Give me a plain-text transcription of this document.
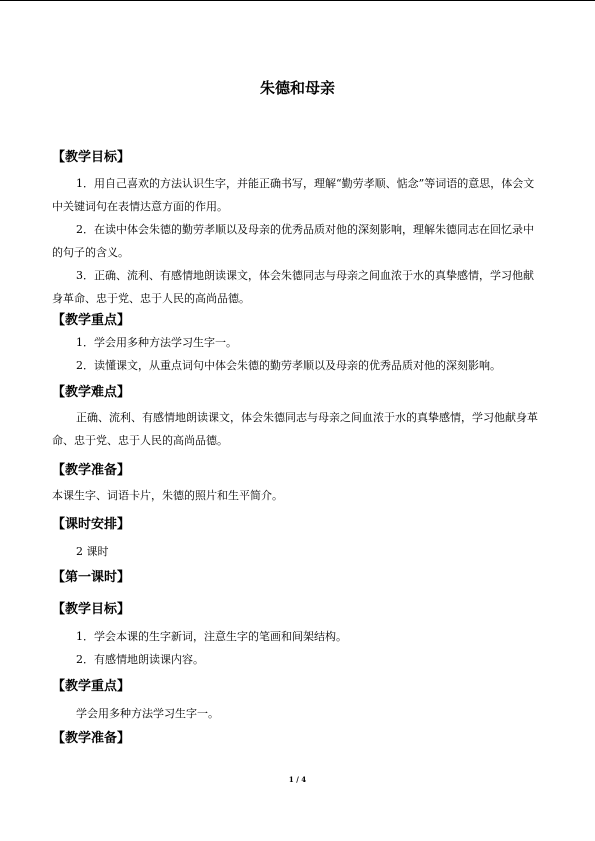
朱德和母亲
【教学目标】
1．用自己喜欢的方法认识生字，并能正确书写，理解“勤劳孝顺、惦念”等词语的意思，体会文中关键词句在表情达意方面的作用。
2．在读中体会朱德的勤劳孝顺以及母亲的优秀品质对他的深刻影响，理解朱德同志在回忆录中的句子的含义。
3．正确、流利、有感情地朗读课文，体会朱德同志与母亲之间血浓于水的真挚感情，学习他献身革命、忠于党、忠于人民的高尚品德。
【教学重点】
1．学会用多种方法学习生字一。
2．读懂课文，从重点词句中体会朱德的勤劳孝顺以及母亲的优秀品质对他的深刻影响。
【教学难点】
正确、流利、有感情地朗读课文，体会朱德同志与母亲之间血浓于水的真挚感情，学习他献身革命、忠于党、忠于人民的高尚品德。
【教学准备】
本课生字、词语卡片，朱德的照片和生平简介。
【课时安排】
2 课时
【第一课时】
【教学目标】
1．学会本课的生字新词，注意生字的笔画和间架结构。
2．有感情地朗读课内容。
【教学重点】
学会用多种方法学习生字一。
【教学准备】
1 / 4
